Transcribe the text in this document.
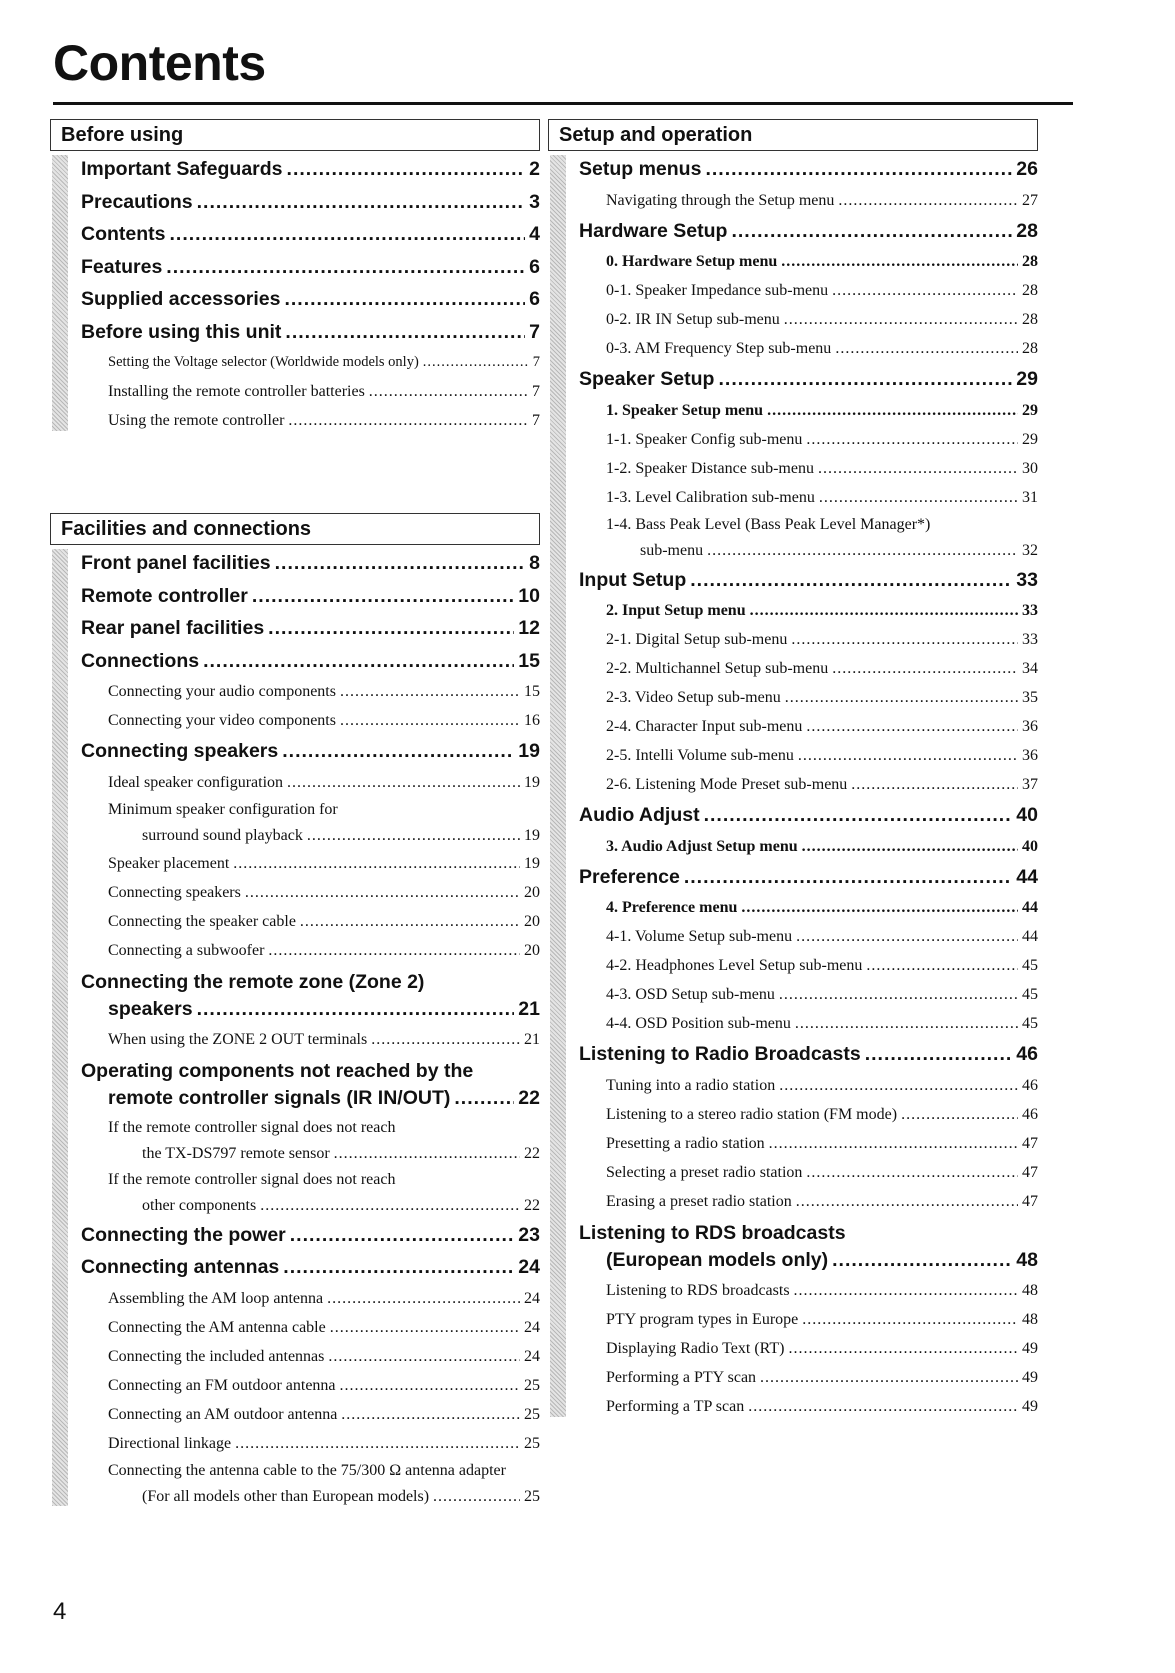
Contents
Before using
Important Safeguards .....	2
Precautions .....	3
Contents .....	4
Features .....	6
Supplied accessories .....	6
Before using this unit .....	7
Setting the Voltage selector (Worldwide models only) .....	7
Installing the remote controller batteries .....	7
Using the remote controller .....	7
Facilities and connections
Front panel facilities .....	8
Remote controller .....	10
Rear panel facilities .....	12
Connections .....	15
Connecting your audio components .....	15
Connecting your video components .....	16
Connecting speakers .....	19
Ideal speaker configuration .....	19
Minimum speaker configuration for
surround sound playback .....	19
Speaker placement .....	19
Connecting speakers .....	20
Connecting the speaker cable .....	20
Connecting a subwoofer .....	20
Connecting the remote zone (Zone 2)
speakers .....	21
When using the ZONE 2 OUT terminals .....	21
Operating components not reached by the
remote controller signals (IR IN/OUT) .....	22
If the remote controller signal does not reach
the TX-DS797 remote sensor .....	22
If the remote controller signal does not reach
other components .....	22
Connecting the power .....	23
Connecting antennas .....	24
Assembling the AM loop antenna .....	24
Connecting the AM antenna cable .....	24
Connecting the included antennas .....	24
Connecting an FM outdoor antenna .....	25
Connecting an AM outdoor antenna .....	25
Directional linkage .....	25
Connecting the antenna cable to the 75/300 Ω antenna adapter
(For all models other than European models) .....	25
Setup and operation
Setup menus .....	26
Navigating through the Setup menu .....	27
Hardware Setup .....	28
0. Hardware Setup menu .....	28
0-1. Speaker Impedance sub-menu .....	28
0-2. IR IN Setup sub-menu .....	28
0-3. AM Frequency Step sub-menu .....	28
Speaker Setup .....	29
1. Speaker Setup menu .....	29
1-1. Speaker Config sub-menu .....	29
1-2. Speaker Distance sub-menu .....	30
1-3. Level Calibration sub-menu .....	31
1-4. Bass Peak Level (Bass Peak Level Manager*)
sub-menu .....	32
Input Setup .....	33
2. Input Setup menu .....	33
2-1. Digital Setup sub-menu .....	33
2-2. Multichannel Setup sub-menu .....	34
2-3. Video Setup sub-menu .....	35
2-4. Character Input sub-menu .....	36
2-5. Intelli Volume sub-menu .....	36
2-6. Listening Mode Preset sub-menu .....	37
Audio Adjust .....	40
3. Audio Adjust Setup menu .....	40
Preference .....	44
4. Preference menu .....	44
4-1. Volume Setup sub-menu .....	44
4-2. Headphones Level Setup sub-menu .....	45
4-3. OSD Setup sub-menu .....	45
4-4. OSD Position sub-menu .....	45
Listening to Radio Broadcasts .....	46
Tuning into a radio station .....	46
Listening to a stereo radio station (FM mode) .....	46
Presetting a radio station .....	47
Selecting a preset radio station .....	47
Erasing a preset radio station .....	47
Listening to RDS broadcasts
(European models only) .....	48
Listening to RDS broadcasts .....	48
PTY program types in Europe .....	48
Displaying Radio Text (RT) .....	49
Performing a PTY scan .....	49
Performing a TP scan .....	49
4
